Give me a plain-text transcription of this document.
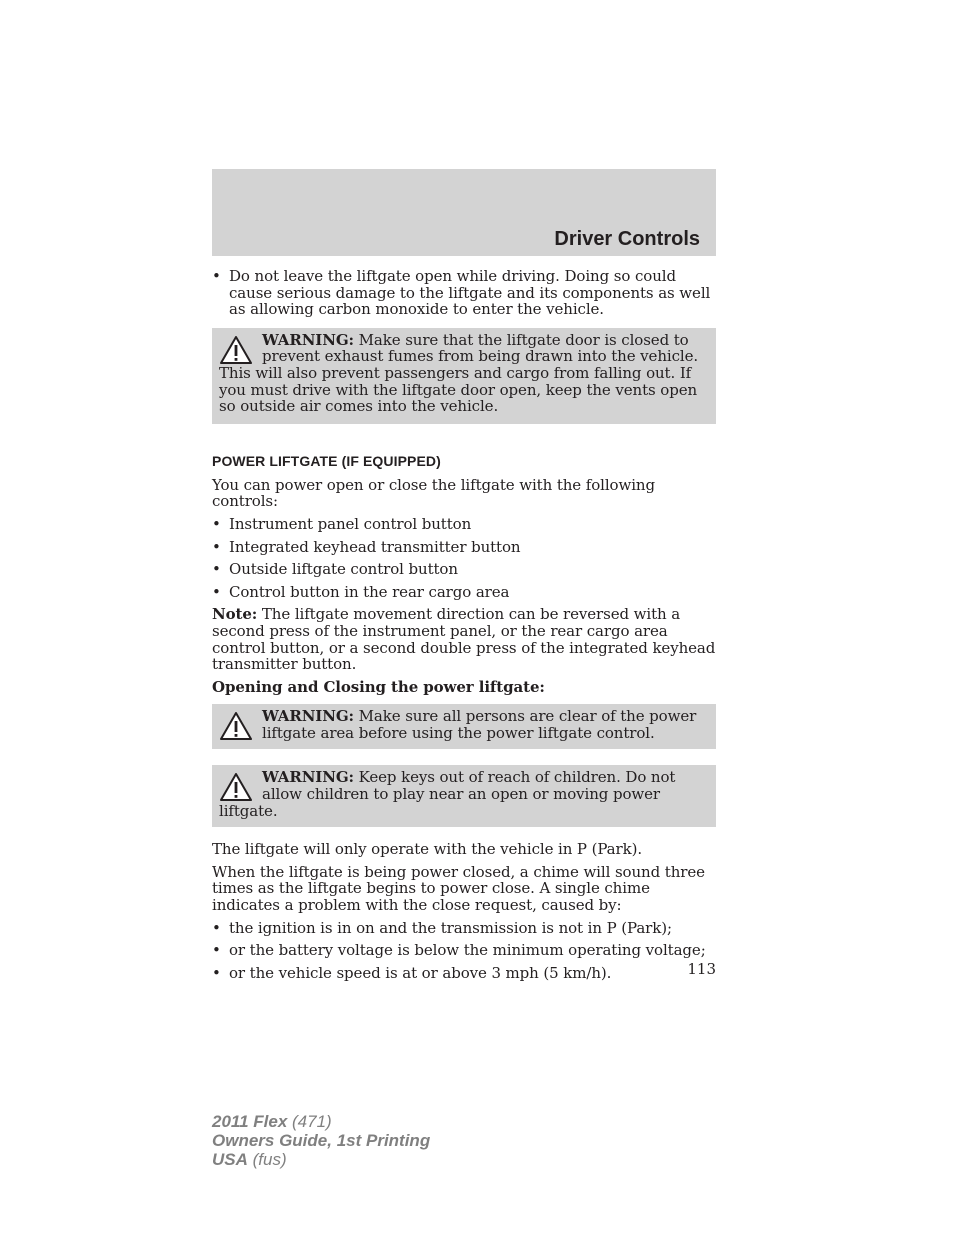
Driver Controls
• Do not leave the liftgate open while driving. Doing so could cause serious damage to the liftgate and its components as well as allowing carbon monoxide to enter the vehicle.
WARNING: Make sure that the liftgate door is closed to prevent exhaust fumes from being drawn into the vehicle. This will also prevent passengers and cargo from falling out. If you must drive with the liftgate door open, keep the vents open so outside air comes into the vehicle.
POWER LIFTGATE (IF EQUIPPED)
You can power open or close the liftgate with the following controls:
• Instrument panel control button
• Integrated keyhead transmitter button
• Outside liftgate control button
• Control button in the rear cargo area
Note: The liftgate movement direction can be reversed with a second press of the instrument panel, or the rear cargo area control button, or a second double press of the integrated keyhead transmitter button.
Opening and Closing the power liftgate:
WARNING: Make sure all persons are clear of the power liftgate area before using the power liftgate control.
WARNING: Keep keys out of reach of children. Do not allow children to play near an open or moving power liftgate.
The liftgate will only operate with the vehicle in P (Park).
When the liftgate is being power closed, a chime will sound three times as the liftgate begins to power close. A single chime indicates a problem with the close request, caused by:
• the ignition is in on and the transmission is not in P (Park);
• or the battery voltage is below the minimum operating voltage;
• or the vehicle speed is at or above 3 mph (5 km/h).	113
2011 Flex (471)
Owners Guide, 1st Printing
USA (fus)
